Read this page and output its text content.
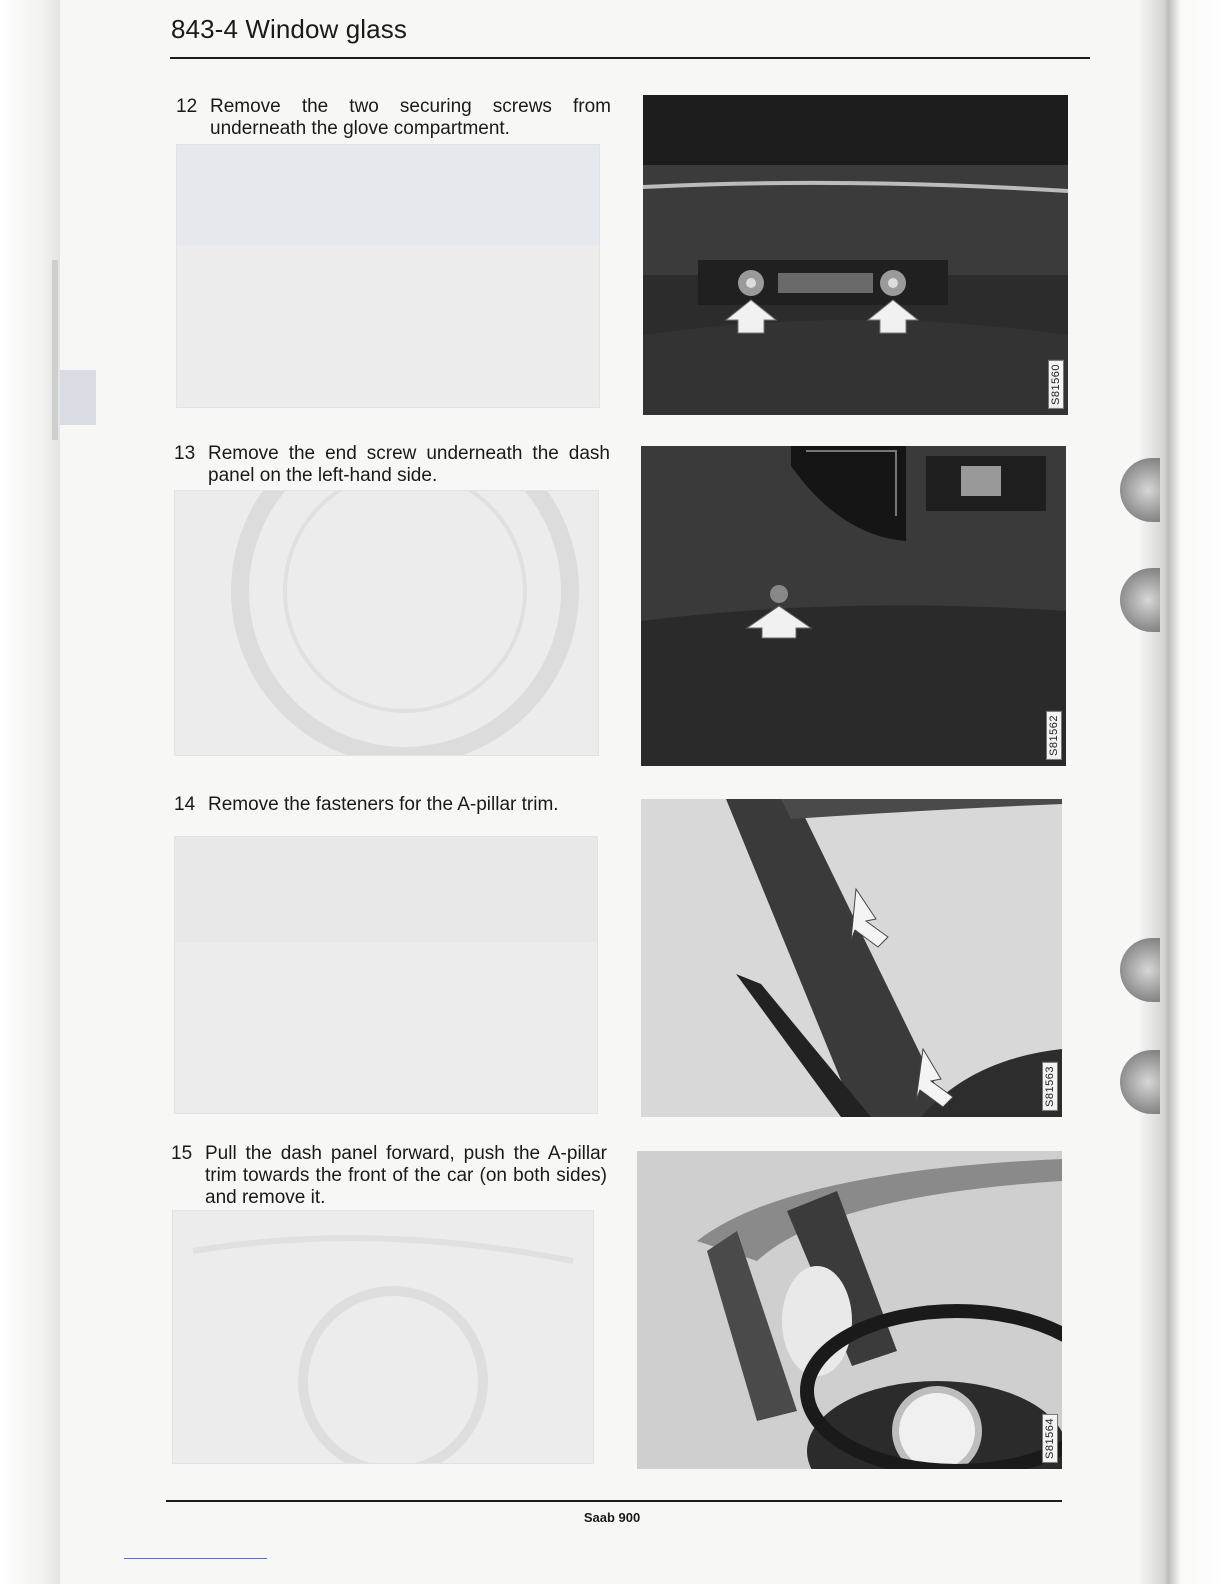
843-4 Window glass
12 Remove the two securing screws from underneath the glove compartment.
S81560
13 Remove the end screw underneath the dash panel on the left-hand side.
S81562
14 Remove the fasteners for the A-pillar trim.
S81563
15 Pull the dash panel forward, push the A-pillar trim towards the front of the car (on both sides) and remove it.
S81564
Saab 900
